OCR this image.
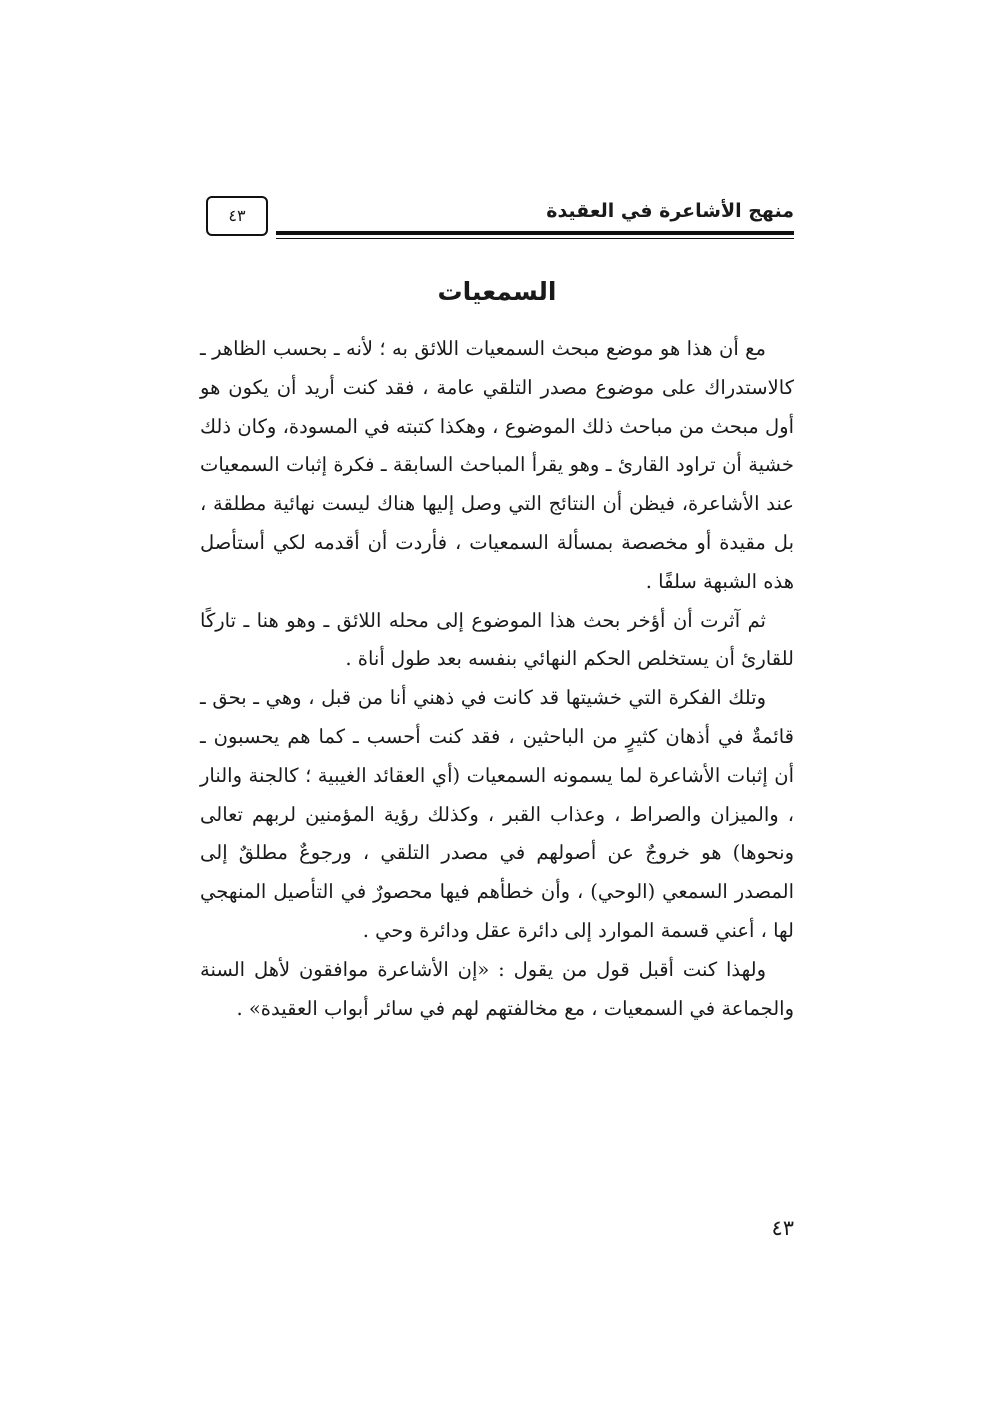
منهج الأشاعرة في العقيدة
٤٣
السمعيات

مع أن هذا هو موضع مبحث السمعيات اللائق به ؛ لأنه ـ بحسب الظاهر ـ كالاستدراك على موضوع مصدر التلقي عامة ، فقد كنت أريد أن يكون هو أول مبحث من مباحث ذلك الموضوع ، وهكذا كتبته في المسودة، وكان ذلك خشية أن تراود القارئ ـ وهو يقرأ المباحث السابقة ـ فكرة إثبات السمعيات عند الأشاعرة، فيظن أن النتائج التي وصل إليها هناك ليست نهائية مطلقة ، بل مقيدة أو مخصصة بمسألة السمعيات ، فأردت أن أقدمه لكي أستأصل هذه الشبهة سلفًا .

ثم آثرت أن أؤخر بحث هذا الموضوع إلى محله اللائق ـ وهو هنا ـ تاركًا للقارئ أن يستخلص الحكم النهائي بنفسه بعد طول أناة .

وتلك الفكرة التي خشيتها قد كانت في ذهني أنا من قبل ، وهي ـ بحق ـ قائمةٌ في أذهان كثيرٍ من الباحثين ، فقد كنت أحسب ـ كما هم يحسبون ـ أن إثبات الأشاعرة لما يسمونه السمعيات (أي العقائد الغيبية ؛ كالجنة والنار ، والميزان والصراط ، وعذاب القبر ، وكذلك رؤية المؤمنين لربهم تعالى ونحوها) هو خروجٌ عن أصولهم في مصدر التلقي ، ورجوعٌ مطلقٌ إلى المصدر السمعي (الوحي) ، وأن خطأهم فيها محصورٌ في التأصيل المنهجي لها ، أعني قسمة الموارد إلى دائرة عقل ودائرة وحي .

ولهذا كنت أقبل قول من يقول : «إن الأشاعرة موافقون لأهل السنة والجماعة في السمعيات ، مع مخالفتهم لهم في سائر أبواب العقيدة» .

٤٣
